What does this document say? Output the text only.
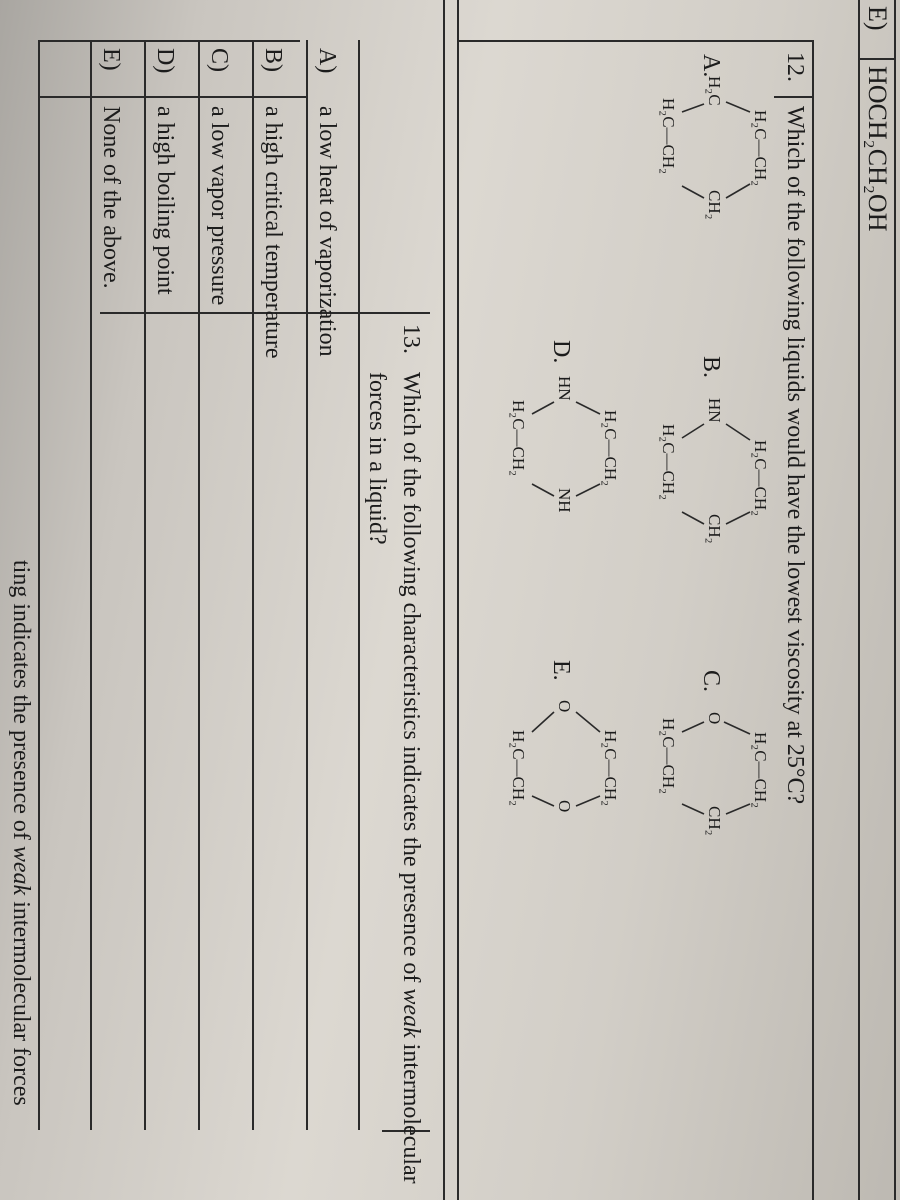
E)
HOCH₂CH₂OH
12.
Which of the following liquids would have the lowest viscosity at 25°C?
A.
H₂C—CH₂
H₂C
CH₂
H₂C—CH₂
B.
H₂C—CH₂
HN
CH₂
H₂C—CH₂
C.
H₂C—CH₂
O
CH₂
H₂C—CH₂
D.
H₂C—CH₂
HN
NH
H₂C—CH₂
E.
H₂C—CH₂
O
O
H₂C—CH₂
13.
Which of the following characteristics indicates the presence of weak intermolecular
forces in a liquid?
A)
a low heat of vaporization
B)
a high critical temperature
C)
a low vapor pressure
D)
a high boiling point
E)
None of the above.
ting indicates the presence of weak intermolecular forces
